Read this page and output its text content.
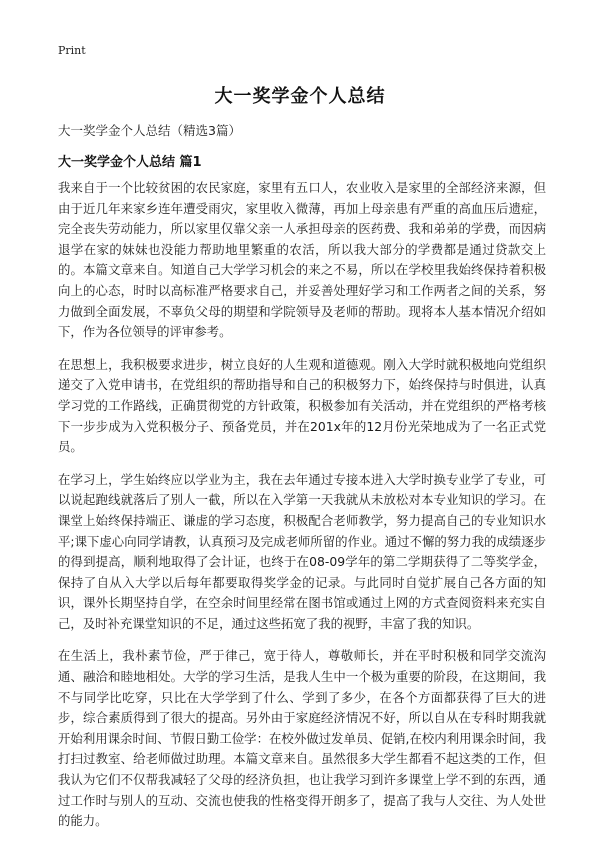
Print
大一奖学金个人总结
大一奖学金个人总结（精选3篇）
大一奖学金个人总结 篇1

我来自于一个比较贫困的农民家庭，家里有五口人，农业收入是家里的全部经济来源，但由于近几年来家乡连年遭受雨灾，家里收入微薄，再加上母亲患有严重的高血压后遗症，完全丧失劳动能力，所以家里仅靠父亲一人承担母亲的医药费、我和弟弟的学费，而因病退学在家的妹妹也没能力帮助地里繁重的农活，所以我大部分的学费都是通过贷款交上的。本篇文章来自。知道自己大学学习机会的来之不易，所以在学校里我始终保持着积极向上的心态，时时以高标准严格要求自己，并妥善处理好学习和工作两者之间的关系，努力做到全面发展，不辜负父母的期望和学院领导及老师的帮助。现将本人基本情况介绍如下，作为各位领导的评审参考。

在思想上，我积极要求进步，树立良好的人生观和道德观。刚入大学时就积极地向党组织递交了入党申请书，在党组织的帮助指导和自己的积极努力下，始终保持与时俱进，认真学习党的工作路线，正确贯彻党的方针政策，积极参加有关活动，并在党组织的严格考核下一步步成为入党积极分子、预备党员，并在201x年的12月份光荣地成为了一名正式党员。

在学习上，学生始终应以学业为主，我在去年通过专接本进入大学时换专业学了专业，可以说起跑线就落后了别人一截，所以在入学第一天我就从未放松对本专业知识的学习。在课堂上始终保持端正、谦虚的学习态度，积极配合老师教学，努力提高自己的专业知识水平;课下虚心向同学请教，认真预习及完成老师所留的作业。通过不懈的努力我的成绩逐步的得到提高，顺利地取得了会计证，也终于在08-09学年的第二学期获得了二等奖学金，保持了自从入大学以后每年都要取得奖学金的记录。与此同时自觉扩展自己各方面的知识，课外长期坚持自学，在空余时间里经常在图书馆或通过上网的方式查阅资料来充实自己，及时补充课堂知识的不足，通过这些拓宽了我的视野，丰富了我的知识。

在生活上，我朴素节俭，严于律己，宽于待人，尊敬师长，并在平时积极和同学交流沟通、融洽和睦地相处。大学的学习生活，是我人生中一个极为重要的阶段，在这期间，我不与同学比吃穿，只比在大学学到了什么、学到了多少，在各个方面都获得了巨大的进步，综合素质得到了很大的提高。另外由于家庭经济情况不好，所以自从在专科时期我就开始利用课余时间、节假日勤工俭学：在校外做过发单员、促销,在校内利用课余时间，我打扫过教室、给老师做过助理。本篇文章来自。虽然很多大学生都看不起这类的工作，但我认为它们不仅帮我减轻了父母的经济负担，也让我学习到许多课堂上学不到的东西，通过工作时与别人的互动、交流也使我的性格变得开朗多了，提高了我与人交往、为人处世的能力。
